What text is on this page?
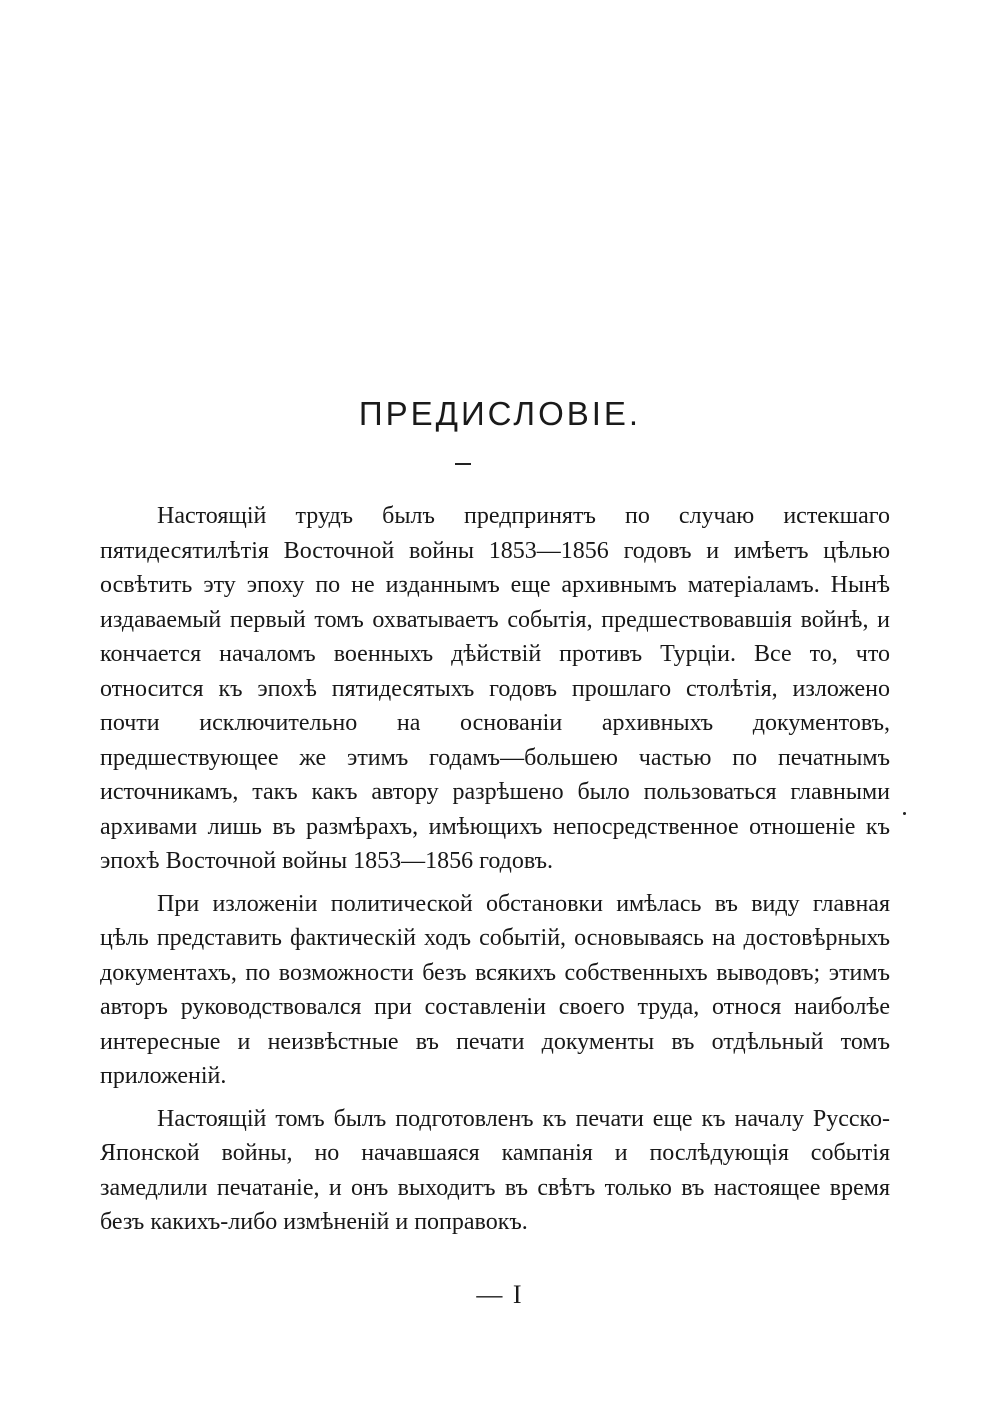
ПРЕДИСЛОВІЕ.

Настоящій трудъ былъ предпринятъ по случаю истекшаго пятидесятилѣтія Восточной войны 1853—1856 годовъ и имѣетъ цѣлью освѣтить эту эпоху по не изданнымъ еще архивнымъ матеріаламъ. Нынѣ издаваемый первый томъ охватываетъ событія, предшествовавшія войнѣ, и кончается началомъ военныхъ дѣйствій противъ Турціи. Все то, что относится къ эпохѣ пятидесятыхъ годовъ прошлаго столѣтія, изложено почти исключительно на основаніи архивныхъ документовъ, предшествующее же этимъ годамъ—большею частью по печатнымъ источникамъ, такъ какъ автору разрѣшено было пользоваться главными архивами лишь въ размѣрахъ, имѣющихъ непосредственное отношеніе къ эпохѣ Восточной войны 1853—1856 годовъ.

При изложеніи политической обстановки имѣлась въ виду главная цѣль представить фактическій ходъ событій, основываясь на достовѣрныхъ документахъ, по возможности безъ всякихъ собственныхъ выводовъ; этимъ авторъ руководствовался при составленіи своего труда, относя наиболѣе интересные и неизвѣстные въ печати документы въ отдѣльный томъ приложеній.

Настоящій томъ былъ подготовленъ къ печати еще къ началу Русско-Японской войны, но начавшаяся кампанія и послѣдующія событія замедлили печатаніе, и онъ выходитъ въ свѣтъ только въ настоящее время безъ какихъ-либо измѣненій и поправокъ.

— I
